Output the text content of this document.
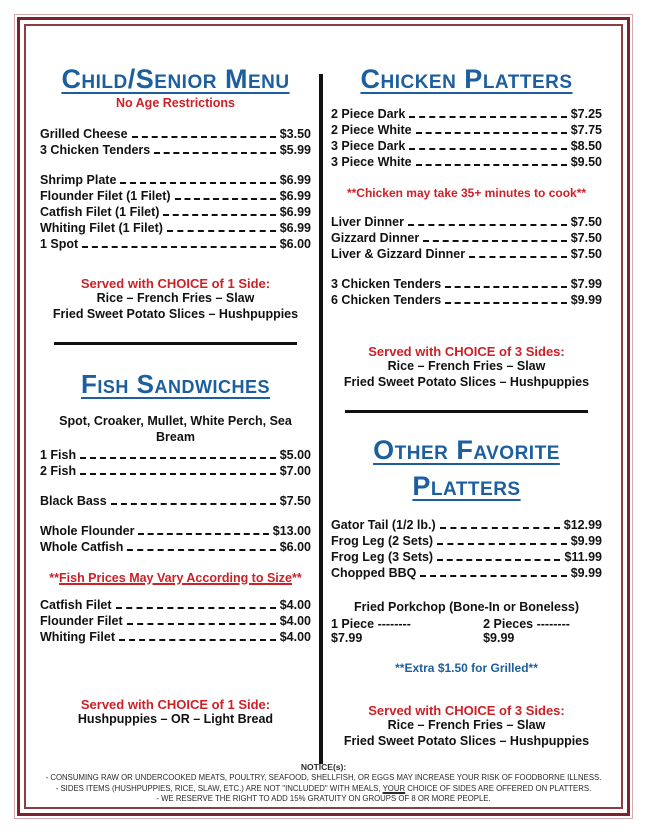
Child/Senior Menu
No Age Restrictions
Grilled Cheese	$3.50
3 Chicken Tenders	$5.99
Shrimp Plate	$6.99
Flounder Filet (1 Filet)	$6.99
Catfish Filet (1 Filet)	$6.99
Whiting Filet (1 Filet)	$6.99
1 Spot	$6.00
Served with CHOICE of 1 Side:
Rice – French Fries – Slaw
Fried Sweet Potato Slices – Hushpuppies
Fish Sandwiches
Spot, Croaker, Mullet, White Perch, Sea Bream
1 Fish	$5.00
2 Fish	$7.00
Black Bass	$7.50
Whole Flounder	$13.00
Whole Catfish	$6.00
**Fish Prices May Vary According to Size**
Catfish Filet	$4.00
Flounder Filet	$4.00
Whiting Filet	$4.00
Served with CHOICE of 1 Side:
Hushpuppies – OR – Light Bread
Chicken Platters
2 Piece Dark	$7.25
2 Piece White	$7.75
3 Piece Dark	$8.50
3 Piece White	$9.50
**Chicken may take 35+ minutes to cook**
Liver Dinner	$7.50
Gizzard Dinner	$7.50
Liver & Gizzard Dinner	$7.50
3 Chicken Tenders	$7.99
6 Chicken Tenders	$9.99
Served with CHOICE of 3 Sides:
Rice – French Fries – Slaw
Fried Sweet Potato Slices – Hushpuppies
Other Favorite
Platters
Gator Tail (1/2 lb.)	$12.99
Frog Leg (2 Sets)	$9.99
Frog Leg (3 Sets)	$11.99
Chopped BBQ	$9.99
Fried Porkchop (Bone-In or Boneless)
1 Piece -------- $7.99
2 Pieces -------- $9.99
**Extra $1.50 for Grilled**
Served with CHOICE of 3 Sides:
Rice – French Fries – Slaw
Fried Sweet Potato Slices – Hushpuppies
NOTICE(s):
- CONSUMING RAW OR UNDERCOOKED MEATS, POULTRY, SEAFOOD, SHELLFISH, OR EGGS MAY INCREASE YOUR RISK OF FOODBORNE ILLNESS.
- SIDES ITEMS (HUSHPUPPIES, RICE, SLAW, ETC.) ARE NOT "INCLUDED" WITH MEALS, YOUR CHOICE OF SIDES ARE OFFERED ON PLATTERS.
- WE RESERVE THE RIGHT TO ADD 15% GRATUITY ON GROUPS OF 8 OR MORE PEOPLE.
